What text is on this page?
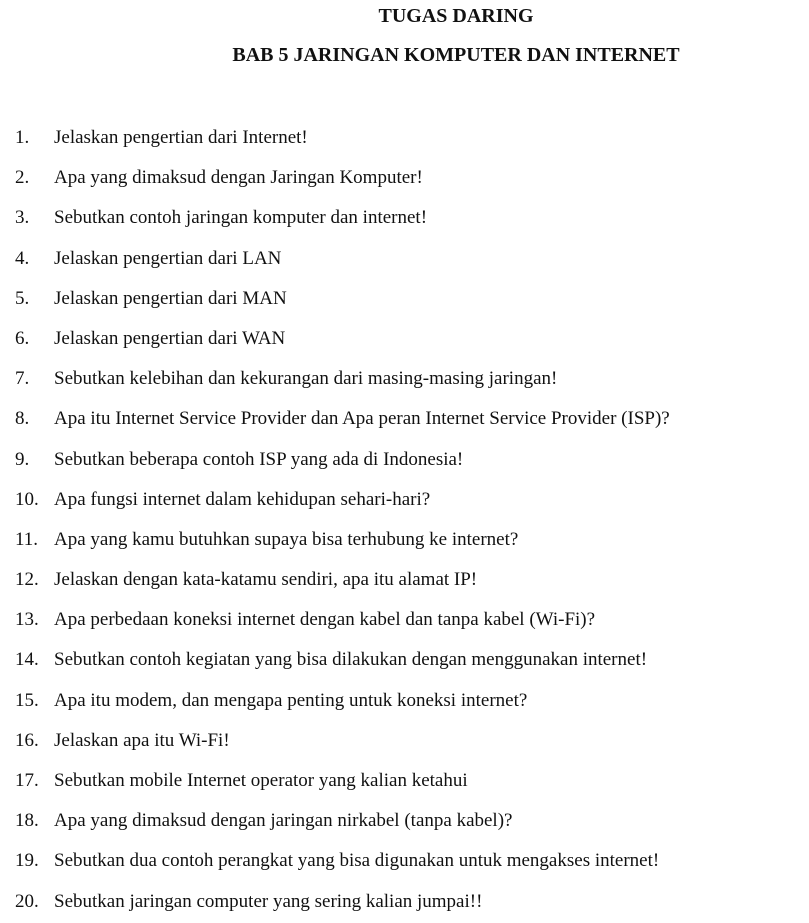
TUGAS DARING
BAB 5 JARINGAN KOMPUTER DAN INTERNET
1. Jelaskan pengertian dari Internet!
2. Apa yang dimaksud dengan Jaringan Komputer!
3. Sebutkan contoh jaringan komputer dan internet!
4. Jelaskan pengertian dari LAN
5. Jelaskan pengertian dari MAN
6. Jelaskan pengertian dari WAN
7. Sebutkan kelebihan dan kekurangan dari masing-masing jaringan!
8. Apa itu Internet Service Provider dan Apa peran Internet Service Provider (ISP)?
9. Sebutkan beberapa contoh ISP yang ada di Indonesia!
10. Apa fungsi internet dalam kehidupan sehari-hari?
11. Apa yang kamu butuhkan supaya bisa terhubung ke internet?
12. Jelaskan dengan kata-katamu sendiri, apa itu alamat IP!
13. Apa perbedaan koneksi internet dengan kabel dan tanpa kabel (Wi-Fi)?
14. Sebutkan contoh kegiatan yang bisa dilakukan dengan menggunakan internet!
15. Apa itu modem, dan mengapa penting untuk koneksi internet?
16. Jelaskan apa itu Wi-Fi!
17. Sebutkan mobile Internet operator yang kalian ketahui
18. Apa yang dimaksud dengan jaringan nirkabel (tanpa kabel)?
19. Sebutkan dua contoh perangkat yang bisa digunakan untuk mengakses internet!
20. Sebutkan jaringan computer yang sering kalian jumpai!!
